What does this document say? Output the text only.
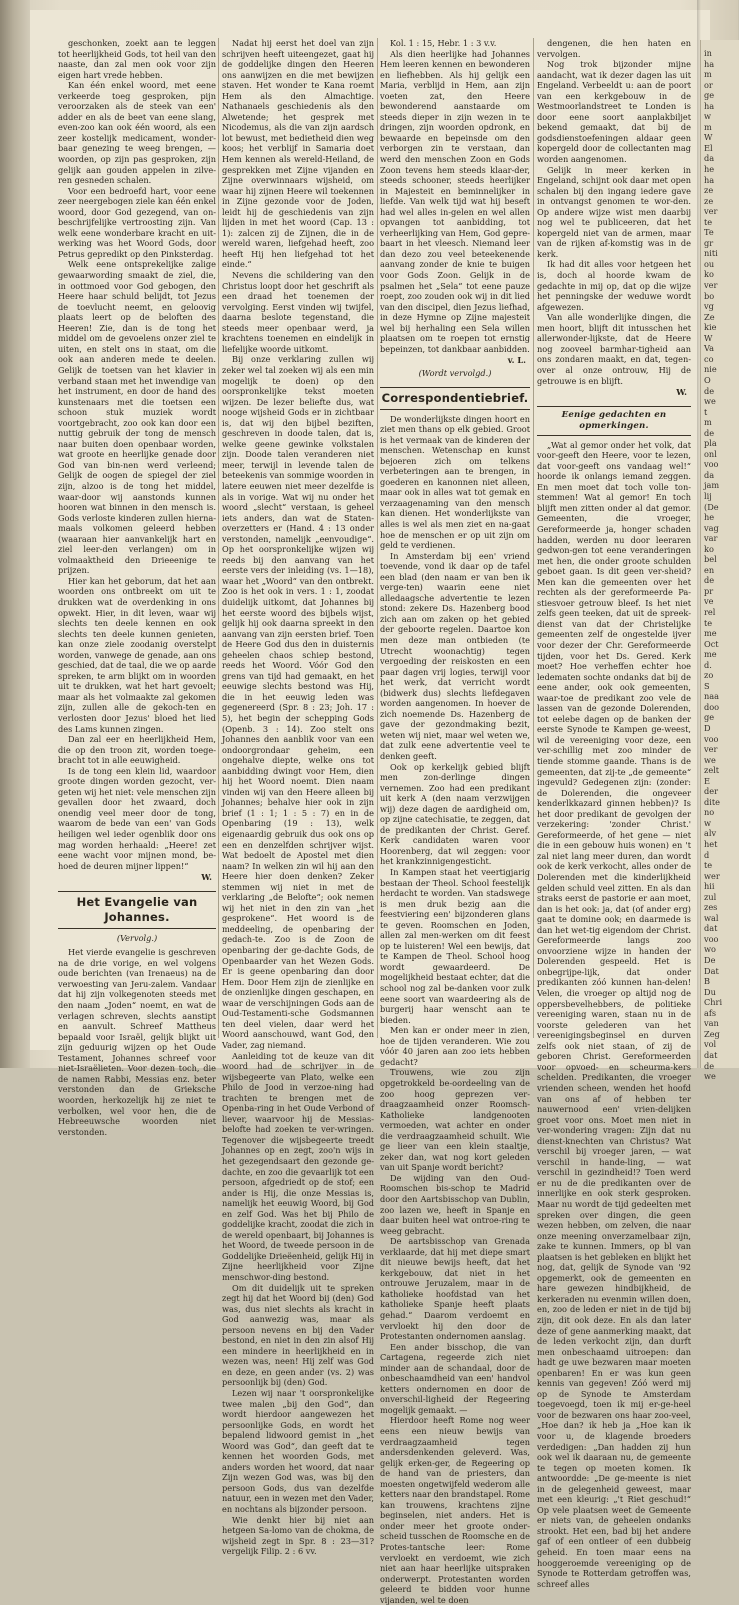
geschonken, zoekt aan te leggen tot heerlijkheid Gods, tot heil van den naaste, dan zal men ook voor zijn eigen hart vrede hebben.

Kan één enkel woord, met eene verkeerde toeg gesproken, pijn veroorzaken als de steek van een' adder en als de beet van eene slang, even-zoo kan ook één woord, als een zeer kostelijk medicament, wonder-baar genezing te weeg brengen, — woorden, op zijn pas gesproken, zijn gelijk aan gouden appelen in zilve-ren gesneden schalen.

Voor een bedroefd hart, voor eene zeer neergebogen ziele kan één enkel woord, door God gezegend, van on-beschrijfelijke vertroosting zijn. Van welk eene wonderbare kracht en uit-werking was het Woord Gods, door Petrus gepredikt op den Pinksterdag.

Welk eene ontsprekelijke zalige gewaarwording smaakt de ziel, die, in oottmoed voor God gebogen, den Heere haar schuld belijdt, tot Jezus de toevlucht neemt, en geloovig plaats leert op de beloften des Heeren! Zie, dan is de tong het middel om de gevoelens onzer ziel te uiten, en stelt ons in staat, om die ook aan anderen mede te deelen. Gelijk de toetsen van het klavier in verband staan met het inwendige van het instrument, en door de hand des kunstenaars met die toetsen een schoon stuk muziek wordt voortgebracht, zoo ook kan door een nuttig gebruik der tong de mensch naar buiten doen openbaar worden, wat groote en heerlijke genade door God van bin-nen werd verleend; Gelijk de oogen de spiegel der ziel zijn, alzoo is de tong het middel, waar-door wij aanstonds kunnen hooren wat binnen in den mensch is. Gods verloste kinderen zullen hierna-maals volkomen geleerd hebben (waaraan hier aanvankelijk hart en ziel leer-den verlangen) om in volmaaktheid den Drieeenige te prijzen.

Hier kan het geborum, dat het aan woorden ons ontbreekt om uit te drukken wat de overdenking in ons opwekt. Hier, in dit leven, waar wij slechts ten deele kennen en ook slechts ten deele kunnen genieten, kan onze ziele zoodanig overstelpt worden, vanwege de genade, aan ons geschied, dat de taal, die we op aarde spreken, te arm blijkt om in woorden uit te drukken, wat het hart gevoelt; maar als het volmaakte zal gekomen zijn, zullen alle de gekoch-ten en verlosten door Jezus' bloed het lied des Lams kunnen zingen.

Dan zal eer en heerlijkheid Hem, die op den troon zit, worden toege-bracht tot in alle eeuwigheid.

Is de tong een klein lid, waardoor groote dingen worden gezocht, ver-geten wij het niet: vele menschen zijn gevallen door het zwaard, doch onendig veel meer door de tong, waarom de bede van een' van Gods heiligen wel ieder ogenblik door ons mag worden herhaald: „Heere! zet eene wacht voor mijnen mond, be-hoed de deuren mijner lippen!“

W.
Het Evangelie van Johannes.
(Vervolg.)

Het vierde evangelie is geschreven na de drie vorige, en wel volgens oude berichten (van Irenaeus) na de verwoesting van Jeru-zalem. Vandaar dat hij zijn volkegenoten steeds met den naam „Joden“ noemt, en wat de verlagen schreven, slechts aanstipt en aanvult. Schreef Mattheus bepaald voor Israël, gelijk blijkt uit zijn geduurig wijzen op het Oude Testament, Johannes schreef voor niet-Israëlieten. Voor dezen toch, die de namen Rabbi, Messias enz. beter verstonden dan de Grieksche woorden, herkozelijk hij ze niet te verbolken, wel voor hen, die de Hebreeuwsche woorden niet verstonden.

Nadat hij eerst het doel van zijn schrijven heeft uiteengezet, gaat hij de goddelijke dingen den Heeren ons aanwijzen en die met bewijzen staven. Het wonder te Kana roemt Hem als den Almachtige. Nathanaels geschiedenis als den Alwetende; het gesprek met Nicodemus, als die van zijn aardsch lot bewust, met bedietheid dien weg koos; het verblijf in Samaria doet Hem kennen als wereld-Heiland, de gesprekken met Zijne vijanden en Zijne overwinnaars wijsheid, om waar hij zijnen Heere wil toekennen in Zijne gezonde voor de Joden, leidt hij de geschiedenis van zijn lijden in met het woord (Cap. 13 : 1): zalcen zij de Zijnen, die in de wereld waren, liefgehad heeft, zoo heeft Hij hen liefgehad tot het einde.“

Nevens die schildering van den Christus loopt door het geschrift als een draad het toenemen der vervolging. Eerst vinden wij twijfel, daarna beslote tegenstand, die steeds meer openbaar werd, ja krachtens toenemen en eindelijk in liefelijke woorde uitkomt.

Bij onze verklaring zullen wij zeker wel tal zoeken wij als een min mogelijk te doen) op den oorspronkelijke tekst moeten wijzen. De lezer belieftе dus, wat nooge wijsheid Gods er in zichtbaar is, dat wij den bijbel beziften, geschreven in doode talen, dat is, welke geene gewinke volkstalen zijn. Doode talen veranderen niet meer, terwijl in levende talen de beteekenis van sommige woorden in latere eeuwen niet meer dezelfde is als in vorige. Wat wij nu onder het woord „slecht“ verstaan, is geheel iets anders, dan wat de Staten-overzetters er (Hand. 4 : 13 onder verstonden, namelijk „eenvoudige“. Op het oorspronkelijke wijzen wij reeds bij den aanvang van het eerste vers der inleiding (vs. 1—18), waar het „Woord“ van den ontbrekt. Zoo is het ook in vers. 1 : 1, zoodat duidelijk uitkomt, dat Johannes bij het eerste woord des bijbels wijst, gelijk hij ook daarna spreekt in den aanvang van zijn eersten brief. Toen de Heere God dus den in duisternis geheelen chaos schiep bestond, reeds het Woord. Vóór God den grens van tijd had gemaakt, en het eeuwige slechts bestond was Hij, die in het eeuwig leden was gegenereerd (Spr. 8 : 23; Joh. 17 : 5), het begin der schepping Gods (Openb. 3 : 14). Zoo stelt ons Johannes den aanblik voor van een ondoorgrondaar geheim, een ongehalve diepte, welke ons tot aanbidding dwingt voor Hem, dien hij het Woord noemt. Dien naam vinden wij van den Heere alleen bij Johannes; behalve hier ook in zijn brief (1 : 1; 1 : 5 : 7) en in de Openbaring (19 : 13), welk eigenaardig gebruik dus ook ons op een en denzelfden schrijver wijst. Wat bedoelt de Apostel met dien naam? In welken zin wil hij aan den Heere hier doen denken? Zeker stemmen wij niet in met de verklaring „de Belofte“; ook nemen wij het niet in den zin van „het gesprokene“. Het woord is de meddeeling, de openbaring der gedach-te. Zoo is de Zoon de openbaring der ge-dachte Gods, de Openbaarder van het Wezen Gods. Er is geene openbaring dan door Hem. Door Hem zijn de zienlijke en de onzienlijke dingen geschapen, en waar de verschijningen Gods aan de Oud-Testamenti-sche Godsmannen ten deel vielen, daar werd het Woord aanschouwd, want God, den Vader, zag niemand.

Aanleiding tot de keuze van dit woord had de schrijver in de wijsbegeerte van Plato, welke een Philo de Jood in verzoe-ning had trachten te brengen met de Openba-ring in het Oude Verbond of liever, waarvoor hij de Messias-belofte had zoeken te ver-wringen. Tegenover die wijsbegeerte treedt Johannes op en zegt, zoo'n wijs in het gezegendsaart den gezonde ge-dachte, en zoo die gevaarlijk tot een persoon, afgedriedt op de stof; een ander is Hij, die onze Messias is, namelijk het eeuwig Woord, bij God en zelf God. Was het bij Philo de goddelijke kracht, zoodat die zich in de wereld openbaart, bij Johannes is het Woord, de tweede persoon in de Goddelijke Drieëenheid, gelijk Hij in Zijne heerlijkheid voor Zijne menschwor-ding bestond.

Om dit duidelijk uit te spreken zegt hij dat het Woord bij (den) God was, dus niet slechts als kracht in God aanwezig was, maar als persoon nevens en bij den Vader bestond, en niet in den zin alsof Hij een mindere in heerlijkheid en in wezen was, neen! Hij zelf was God en deze, en geen ander (vs. 2) was persoonlijk bij (den) God.

Lezen wij naar 't oorspronkelijke twee malen „bij den God“, dan wordt hierdoor aangewezen het persoonlijke Gods, en wordt het bepalend lidwoord gemist in „het Woord was God“, dan geeft dat te kennen het woorden Gods, met anders worden het woord, dat naar Zijn wezen God was, was bij den persoon Gods, dus van dezelfde natuur, een in wezen met den Vader, en nochtans als bijzonder persoon.

Wie denkt hier bij niet aan hetgeen Sa-lomo van de chokma, de wijsheid zegt in Spr. 8 : 23—31? vergelijk Filip. 2 : 6 vv.

Kol. 1 : 15, Hebr. 1 : 3 v.v.

Als dien heerlijke had Johannes Hem leeren kennen en bewonderen en liefhebben. Als hij gelijk een Maria, verblijd in Hem, aan zijn voeten zat, den Heere bewonderend aanstaarde om steeds dieper in zijn wezen in te dringen, zijn woorden opdronk, en bewaarde en bepeinsde om den verborgen zin te verstaan, dan werd den menschen Zoon en Gods Zoon tevens hem steeds klaar-der, steeds schooner, steeds heerlijker in Majesteit en beminnelijker in liefde. Van welk tijd wat hij beseft had wel alles in-gelen en wel allen opvangen tot aanbidding, tot verheerlijking van Hem, God gepre-baart in het vleesch. Niemand leer dan dezo zou veel beteekenende aanvang zonder de knie te buigen voor Gods Zoon. Gelijk in de psalmen het „Sela“ tot eene pauze roept, zoo zouden ook wij in dit lied van den discipel, dien Jezus liefhad, in deze Hymne op Zijne majesteit wel bij herhaling een Sela willen plaatsen om te roepen tot ernstig bepeinzen, tot dankbaar aanbidden.

v. L.
(Wordt vervolgd.)
Correspondentiebrief.

De wonderlijkste dingen hoort en ziet men thans op elk gebied. Groot is het vermaak van de kinderen der menschen. Wetenschap en kunst bejoeren zich om telkens verbeteringen aan te brengen, in goederen en kanonnen niet alleen, maar ook in alles wat tot gemak en verzaagenaming van den mensch kan dienen. Het wonderlijkste van alles is wel als men ziet en na-gaat hoe de menschen er op uit zijn om geld te verdienen.

In Amsterdam bij een' vriend toevende, vond ik daar op de tafel een blad (den naam er van ben ik verge-ten) waarin eene niet alledaagsche advertentie te lezen stond: zekere Ds. Hazenberg bood zich aan om zaken op het gebied der geboorte regelen. Daartoe kon men deze man ontbieden (te Utrecht woonachtig) tegen vergoeding der reiskosten en een paar dagen vrij logies, terwijl voor het werk, dat verricht wordt (bidwerk dus) slechts liefdegaven worden aangenomen. In hoever de zich noemende Ds. Hazenberg de gave der gezondmaking bezit, weten wij niet, maar wel weten we, dat zulk eene advertentie veel te denken geeft.

Ook op kerkelijk gebied blijft men zon-derlinge dingen vernemen. Zoo had een predikant uit kerk A (den naam verzwijgen wij) deze dagen de aardigheid om, op zijne catechisatie, te zeggen, dat de predikanten der Christ. Geref. Kerk candidaten waren voor Hoorenberg, dat wil zeggen: voor het krankzinnigengesticht.

In Kampen staat het veertigjarig bestaan der Theol. School feestelijk herdacht te worden. Van stadswege is men druk bezig aan die feestviering een' bijzonderen glans te geven. Roomschen en Joden, allen zal men-werken om dit feest op te luisteren! Wel een bewijs, dat te Kampen de Theol. School hoog wordt gewaardeerd. De mogelijkheid bestaat echter, dat die school nog zal be-danken voor zulk eene soort van waardeering als de burgerij haar wenscht aan te bieden.

Men kan er onder meer in zien, hoe de tijden veranderen. Wie zou vóór 40 jaren aan zoo iets hebben gedacht?

Trouwens, wie zou zijn opgetrokkeld be-oordeeling van de zoo hoog geprezen ver-draagzaamheid onzer Roomsch-Katholieke landgenooten vermoeden, wat achter en onder die verdraagzaamheid schuilt. Wie ge lieer van een klein staaltje, zeker dan, wat nog kort geleden van uit Spanje wordt bericht?

De wijding van den Oud-Roomschen bis-schop te Madrid door den Aartsbisschop van Dublin, zoo lazen we, heeft in Spanje en daar buiten heel wat ontroe-ring te weeg gebracht.

De aartsbisschop van Grenada verklaarde, dat hij met diepe smart dit nieuwe bewijs heeft, dat het kerkgebouw, dat niet in het ontrouwe Jeruzalem, maar in de katholieke hoofdstad van het katholieke Spanje heeft plaats gehad.“ Daarom verdoemt en vervloekt hij den door de Protestanten ondernomen aanslag.

Een ander bisschop, die van Cartagena, regeerde zich niet minder aan de schandaal, door de onbeschaamdheid van een' handvol ketters ondernomen en door de onverschil-ligheid der Regeering mogelijk gemaakt. —

Hierdoor heeft Rome nog weer eens een nieuw bewijs van verdraagzaamheid tegen andersdenkenden geleverd. Was, gelijk erken-ger, de Regeering op de hand van de priesters, dan moesten ongetwijfeld wederom alle ketters naar den brandstapel. Rome kan trouwens, krachtens zijne beginselen, niet anders. Het is onder meer het groote onder-scheid tusschen de Roomsche en de Protes-tantsche leer: Rome vervloekt en verdoemt, wie zich niet aan haar heerlijke uitspraken onderwerpt. Protestanten worden geleerd te bidden voor hunne vijanden, wel te doen

dengenen, die hen haten en vervolgen.

Nog trok bijzonder mijne aandacht, wat ik dezer dagen las uit Engeland. Verbeeldt u: aan de poort van een kerkgebouw in de Westmoorlandstreet te Londen is door eene soort aanplakbiljet bekend gemaakt, dat bij de godsdienstoefeningen aldaar geen kopergeld door de collectanten mag worden aangenomen.

Gelijk in meer kerken in Engeland, schijnt ook daar met open schalen bij den ingang iedere gave in ontvangst genomen te wor-den. Op andere wijze wist men daarbij nog wel te publiceeren, dat het kopergeld niet van de armen, maar van de rijken af-komstig was in de kerk.

Ik had dit alles voor hetgeen het is, doch al hoorde kwam de gedachte in mij op, dat op die wijze het penningske der weduwe wordt afgewezen.

Van alle wonderlijke dingen, die men hoort, blijft dit intusschen het allerwonder-lijkste, dat de Heere nog zooveel barmhar-tigheid aan ons zondaren maakt, en dat, tegen-over al onze ontrouw, Hij de getrouwe is en blijft.

W.
Eenige gedachten en opmerkingen.

„Wat al gemor onder het volk, dat voor-geeft den Heere, voor te lezen, dat voor-geeft ons vandaag wel!“ hoorde ik onlangs iemand zeggen. En men moet dat toch volle ton-stemmen! Wat al gemor! En toch blijft men zitten onder al dat gemor. Gemeenten, die vroeger, Gereformeerde ja, honger schaden hadden, werden nu door leeraren gedwon-gen tot eene veranderingen met hen, die onder groote schulden geboet gaan. Is dit geen ver-sheid? Men kan die gemeenten over het rechten als der gereformeerde Pa-stiesvoer getrouw bleef. Is het niet zelfs geen teeken, dat uit de spreek-dienst van dat der Christelijke gemeenten zelf de ongestelde ijver voor dezer der Chr. Gereformeerde tijden, voor het Ds. Gered. Kerk moet? Hoe verheffen echter hoe ledematen sochte ondanks dat bij de eene ander, ook ook gemeenten, waar-toe de predikant zoo vele de lassen van de gezonde Dolerenden, tot eelebe dagen op de banken der eerste Synode te Kampen ge-weest, wil de vereeniging voor deze, een ver-schillig met zoo minder de tiende stomme gaande. Thans is de gemeenten, dat zij-te „de gemeente“ ingevuld? Gedegenen zijn: (zonder: de Dolerenden, die ongeveer kenderlkkazard ginnen hebben)? Is het door predikant de gevolgen der verzekering: 'zonder Christ.' Gereformeerde, of het gene — niet die in een gebouw huis wonen) en 't zal niet lang meer duren, dan wordt ook de kerk verkocht, alles onder de Dolerenden met die kinderlijkheid gelden schuld veel zitten. En als dan straks eerst de pastorie er aan moet, dan is het ook: ja, dat (of ander erg) gaat te domine ook; en daarmede is dan het wet-tig eigendom der Christ. Gereformeerde langs zoo onvoorziene wijze in handen der Dolerenden gespeeld. Het is onbegrijpe-lijk, dat onder predikanten zóó kunnen han-delen! Velen, die vroeger op altijd nog de oppersbevelhebbers, de politieke vereeniging waren, staan nu in de voorste gelederen van het vereenigingsbeginsel en durven zelfs ook niet staan, of zij de geboren Christ. Gereformeerden voor opvoed- en scheurma-kers schelden. Predikanten, die vroeger vrienden scheen, wenden het hoofd van ons af of hebben ter nauwernood een' vrien-delijken groet voor ons. Moet men niet in ver-wondering vragen: Zijn dat nu dienst-knechten van Christus? Wat verschil bij vroeger jaren, — wat verschil in hande-ling, — wat verschil in gezindheid!? Toen werd er nu de die predikanten over de innerlijke en ook sterk gesproken. Maar nu wordt de tijd gedeelten met spreken over dingen, die geen wezen hebben, om zelven, die naar onze meening onverzamelbaar zijn, zake te kunnen. Immers, op bl van plaatsen is het gebleken en blijkt het nog, dat, gelijk de Synode van '92 opgemerkt, ook de gemeenten en hare gewezen hindbijkheid, de kerkeraden nu evenmin willen doen, en, zoo de leden er niet in de tijd bij zijn, dit ook deze. En als dan later deze of gene aanmerking maakt, dat de leden verkocht zijn, dan durft men onbeschaamd uitroepen: dan hadt ge uwe bezwaren maar moeten openbaren! En er was kun geen kennis van gegeven! Zóó werd mij op de Synode te Amsterdam toegevoegd, toen ik mij er-ge-heel voor de bezwaren ons haar zoo-veel, „Hoe dan? ik heb ja „Hoe kan ik voor u, de klagende broeders verdedigen: „Dan hadden zij hun ook wel ik daaraan nu, de gemeente te tegen op moeten komen. Ik antwoordde: „De ge-meente is niet in de gelegenheid geweest, maar met een kleurig: „'t Riet geschud!“ Op vele plaatsen weet de Gemeente er niets van, de geheelen ondanks strookt. Het een, bad bij het andere gaf of een ontleer of een dubbeig geheid. En toen maar eens na hooggeroemde vereeniging op de Synode te Rotterdam getroffen was, schreef alles

in
ha
m
or
ge
ha
w
m
W
El
da
he
ha
ze
ze
ver
te
Te
gr
niti
ou
ko
ver
bo
vg
Ze
kie
W
Va
co
nie
O
de
we
t
m
de
pla
onl
voo
da
jam
lij
(De
he
vag
var
ko
bel
en
de
pr
ve
rel
te
me
Oct
me
d.
zo
S
naa
doo
ge
D
voo
ver
we
zelt
E
der
dite
no
w
alv
het
d
te
wer
hii
zul
zes
wal
dat
voo
wo
De
Dat
B
Du
Chri
afs
van
Zeg
vol
dat
de
we
